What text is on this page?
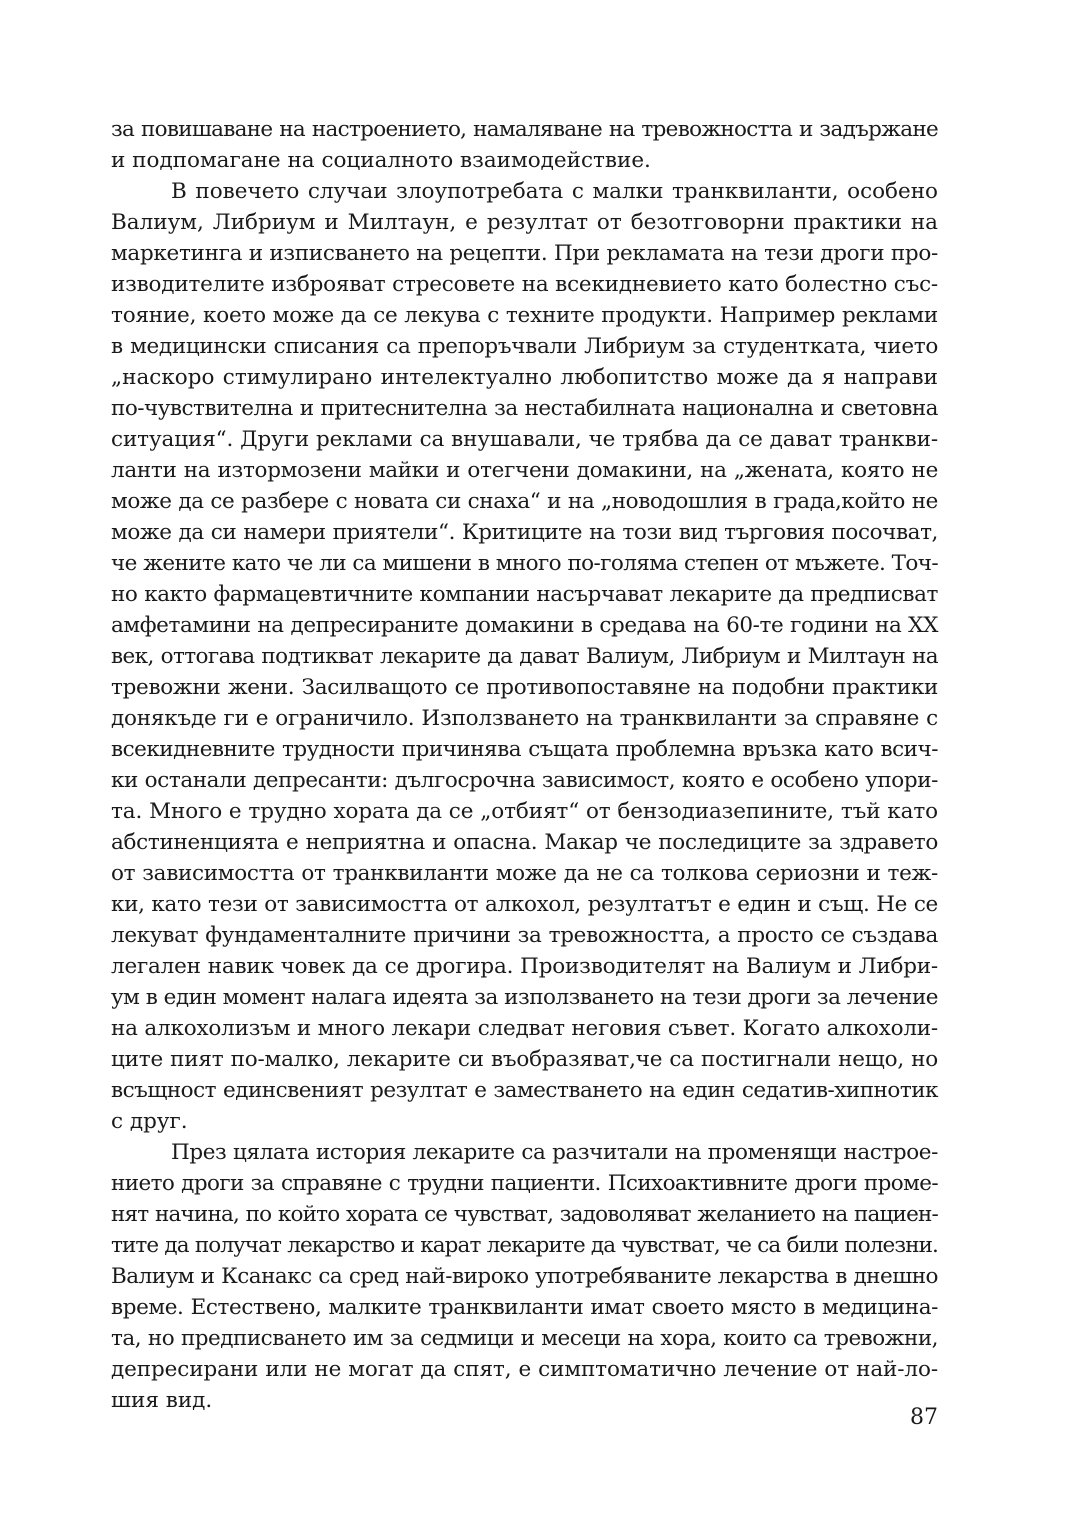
за повишаване на настроението, намаляване на тревожността и задържане
и подпомагане на социалното взаимодействие.
В повечето случаи злоупотребата с малки транквиланти, особено
Валиум, Либриум и Милтаун, е резултат от безотговорни практики на
маркетинга и изписването на рецепти. При рекламата на тези дроги про-
изводителите изброяват стресовете на всекидневието като болестно със-
тояние, което може да се лекува с техните продукти. Например реклами
в медицински списания са препоръчвали Либриум за студентката, чието
„наскоро стимулирано интелектуално любопитство може да я направи
по-чувствителна и притеснителна за нестабилната национална и световна
ситуация“. Други реклами са внушавали, че трябва да се дават транкви-
ланти на изтормозени майки и отегчени домакини, на „жената, която не
може да се разбере с новата си снаха“ и на „новодошлия в града,който не
може да си намери приятели“. Критиците на този вид търговия посочват,
че жените като че ли са мишени в много по-голяма степен от мъжете. Точ-
но както фармацевтичните компании насърчават лекарите да предписват
амфетамини на депресираните домакини в средава на 60-те години на XX
век, оттогава подтикват лекарите да дават Валиум, Либриум и Милтаун на
тревожни жени. Засилващото се противопоставяне на подобни практики
донякъде ги е ограничило. Използването на транквиланти за справяне с
всекидневните трудности причинява същата проблемна връзка като всич-
ки останали депресанти: дългосрочна зависимост, която е особено упори-
та. Много е трудно хората да се „отбият“ от бензодиазепините, тъй като
абстиненцията е неприятна и опасна. Макар че последиците за здравето
от зависимостта от транквиланти може да не са толкова сериозни и теж-
ки, като тези от зависимостта от алкохол, резултатът е един и същ. Не се
лекуват фундаменталните причини за тревожността, а просто се създава
легален навик човек да се дрогира. Производителят на Валиум и Либри-
ум в един момент налага идеята за използването на тези дроги за лечение
на алкохолизъм и много лекари следват неговия съвет. Когато алкохоли-
ците пият по-малко, лекарите си въобразяват,че са постигнали нещо, но
всъщност единсвеният резултат е заместването на един седатив-хипнотик
с друг.
През цялата история лекарите са разчитали на променящи настрое-
нието дроги за справяне с трудни пациенти. Психоактивните дроги проме-
нят начина, по който хората се чувстват, задоволяват желанието на пациен-
тите да получат лекарство и карат лекарите да чувстват, че са били полезни.
Валиум и Ксанакс са сред най-вироко употребяваните лекарства в днешно
време. Естествено, малките транквиланти имат своето място в медицина-
та, но предписването им за седмици и месеци на хора, които са тревожни,
депресирани или не могат да спят, е симптоматично лечение от най-ло-
шия вид.
87
